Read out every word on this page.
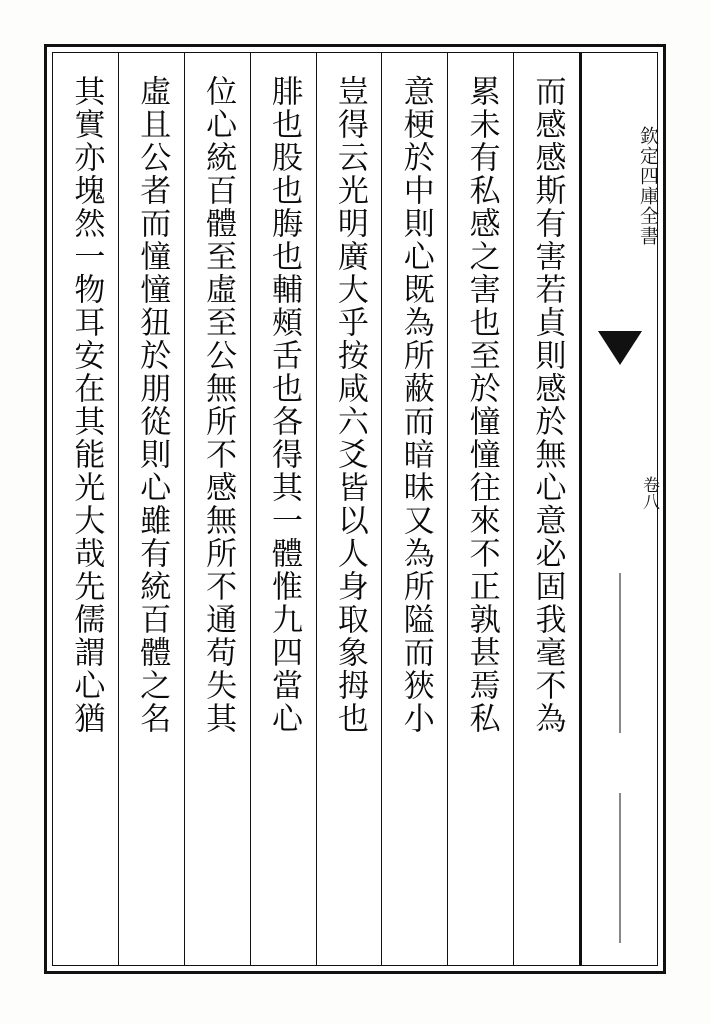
欽定四庫全書
卷八
而感感斯有害若貞則感於無心意必固我毫不為
累未有私感之害也至於憧憧往來不正孰甚焉私
意梗於中則心既為所蔽而暗昧又為所隘而狹小
豈得云光明廣大乎按咸六爻皆以人身取象拇也
腓也股也脢也輔頰舌也各得其一體惟九四當心
位心統百體至虛至公無所不感無所不通苟失其
虛且公者而憧憧狃於朋從則心雖有統百體之名
其實亦塊然一物耳安在其能光大哉先儒謂心猶
